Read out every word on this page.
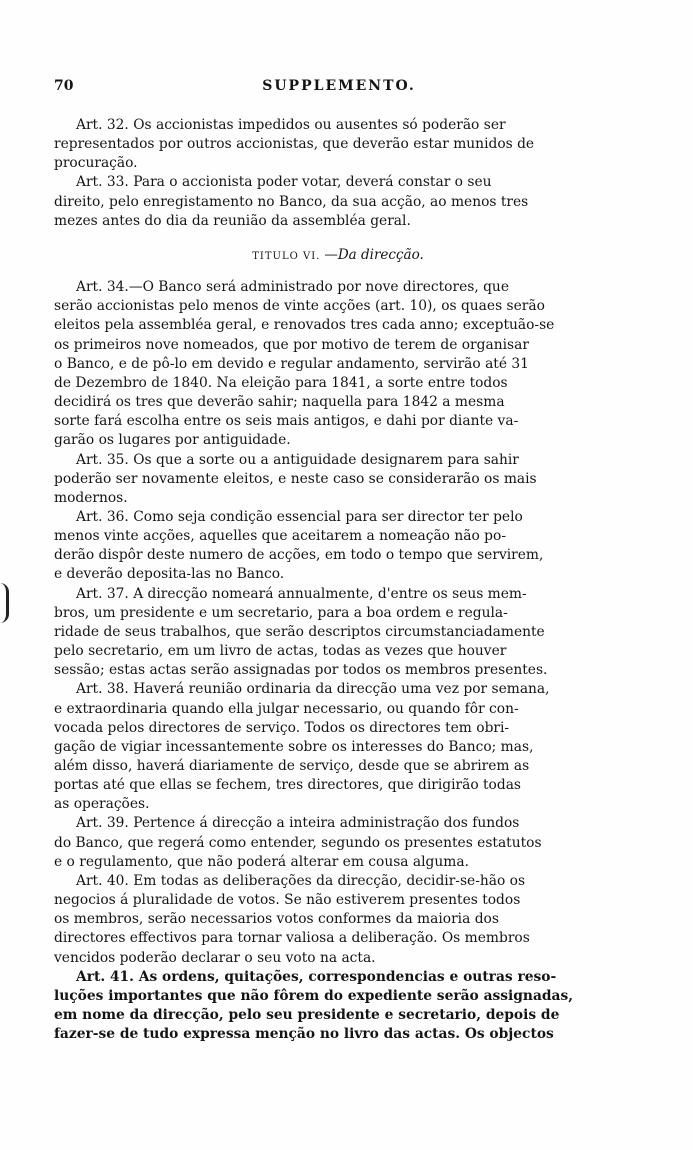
70	SUPPLEMENTO.

Art. 32. Os accionistas impedidos ou ausentes só poderão ser
representados por outros accionistas, que deverão estar munidos de
procuração.

Art. 33. Para o accionista poder votar, deverá constar o seu
direito, pelo enregistamento no Banco, da sua acção, ao menos tres
mezes antes do dia da reunião da assembléa geral.

TITULO VI. —Da direcção.

Art. 34.—O Banco será administrado por nove directores, que
serão accionistas pelo menos de vinte acções (art. 10), os quaes serão
eleitos pela assembléa geral, e renovados tres cada anno; exceptuão-se
os primeiros nove nomeados, que por motivo de terem de organisar
o Banco, e de pô-lo em devido e regular andamento, servirão até 31
de Dezembro de 1840. Na eleição para 1841, a sorte entre todos
decidirá os tres que deverão sahir; naquella para 1842 a mesma
sorte fará escolha entre os seis mais antigos, e dahi por diante va-
garão os lugares por antiguidade.

Art. 35. Os que a sorte ou a antiguidade designarem para sahir
poderão ser novamente eleitos, e neste caso se considerarão os mais
modernos.

Art. 36. Como seja condição essencial para ser director ter pelo
menos vinte acções, aquelles que aceitarem a nomeação não po-
derão dispôr deste numero de acções, em todo o tempo que servirem,
e deverão deposita-las no Banco.

Art. 37. A direcção nomeará annualmente, d'entre os seus mem-
bros, um presidente e um secretario, para a boa ordem e regula-
ridade de seus trabalhos, que serão descriptos circumstanciadamente
pelo secretario, em um livro de actas, todas as vezes que houver
sessão; estas actas serão assignadas por todos os membros presentes.

Art. 38. Haverá reunião ordinaria da direcção uma vez por semana,
e extraordinaria quando ella julgar necessario, ou quando fôr con-
vocada pelos directores de serviço. Todos os directores tem obri-
gação de vigiar incessantemente sobre os interesses do Banco; mas,
além disso, haverá diariamente de serviço, desde que se abrirem as
portas até que ellas se fechem, tres directores, que dirigirão todas
as operações.

Art. 39. Pertence á direcção a inteira administração dos fundos
do Banco, que regerá como entender, segundo os presentes estatutos
e o regulamento, que não poderá alterar em cousa alguma.

Art. 40. Em todas as deliberações da direcção, decidir-se-hão os
negocios á pluralidade de votos. Se não estiverem presentes todos
os membros, serão necessarios votos conformes da maioria dos
directores effectivos para tornar valiosa a deliberação. Os membros
vencidos poderão declarar o seu voto na acta.

Art. 41. As ordens, quitações, correspondencias e outras reso-
luções importantes que não fôrem do expediente serão assignadas,
em nome da direcção, pelo seu presidente e secretario, depois de
fazer-se de tudo expressa menção no livro das actas. Os objectos
